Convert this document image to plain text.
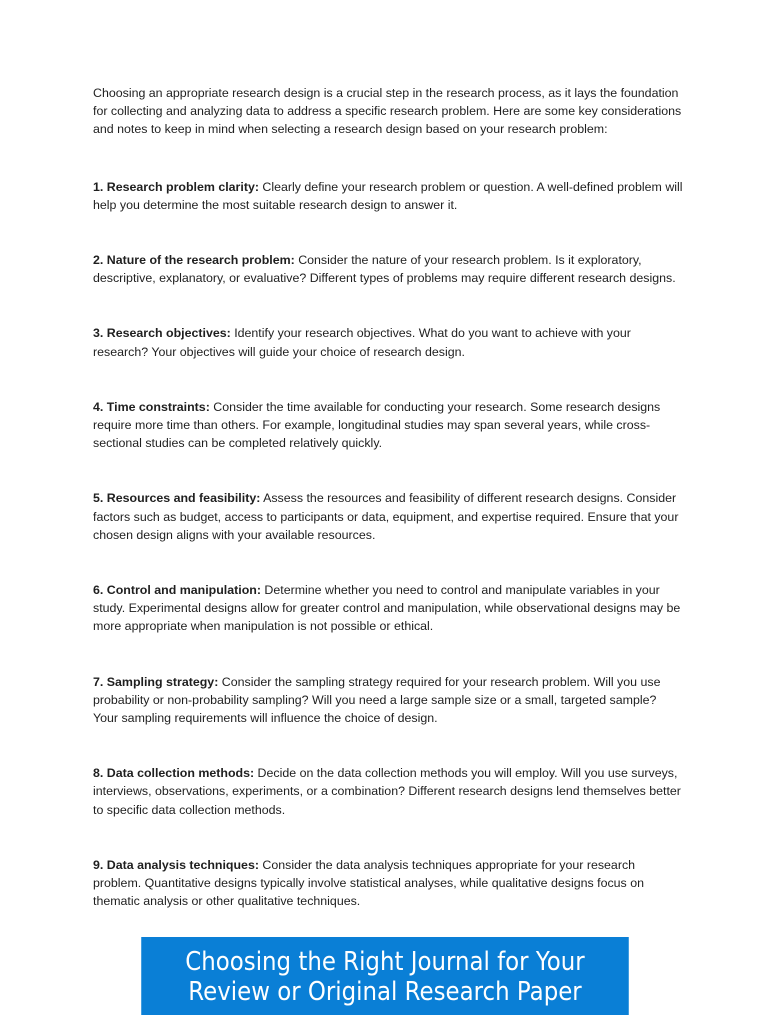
Choosing an appropriate research design is a crucial step in the research process, as it lays the foundation for collecting and analyzing data to address a specific research problem. Here are some key considerations and notes to keep in mind when selecting a research design based on your research problem:

1. Research problem clarity: Clearly define your research problem or question. A well-defined problem will help you determine the most suitable research design to answer it.

2. Nature of the research problem: Consider the nature of your research problem. Is it exploratory, descriptive, explanatory, or evaluative? Different types of problems may require different research designs.

3. Research objectives: Identify your research objectives. What do you want to achieve with your research? Your objectives will guide your choice of research design.

4. Time constraints: Consider the time available for conducting your research. Some research designs require more time than others. For example, longitudinal studies may span several years, while cross-sectional studies can be completed relatively quickly.

5. Resources and feasibility: Assess the resources and feasibility of different research designs. Consider factors such as budget, access to participants or data, equipment, and expertise required. Ensure that your chosen design aligns with your available resources.

6. Control and manipulation: Determine whether you need to control and manipulate variables in your study. Experimental designs allow for greater control and manipulation, while observational designs may be more appropriate when manipulation is not possible or ethical.

7. Sampling strategy: Consider the sampling strategy required for your research problem. Will you use probability or non-probability sampling? Will you need a large sample size or a small, targeted sample? Your sampling requirements will influence the choice of design.

8. Data collection methods: Decide on the data collection methods you will employ. Will you use surveys, interviews, observations, experiments, or a combination? Different research designs lend themselves better to specific data collection methods.

9. Data analysis techniques: Consider the data analysis techniques appropriate for your research problem. Quantitative designs typically involve statistical analyses, while qualitative designs focus on thematic analysis or other qualitative techniques.

Choosing the Right Journal for Your
Review or Original Research Paper
